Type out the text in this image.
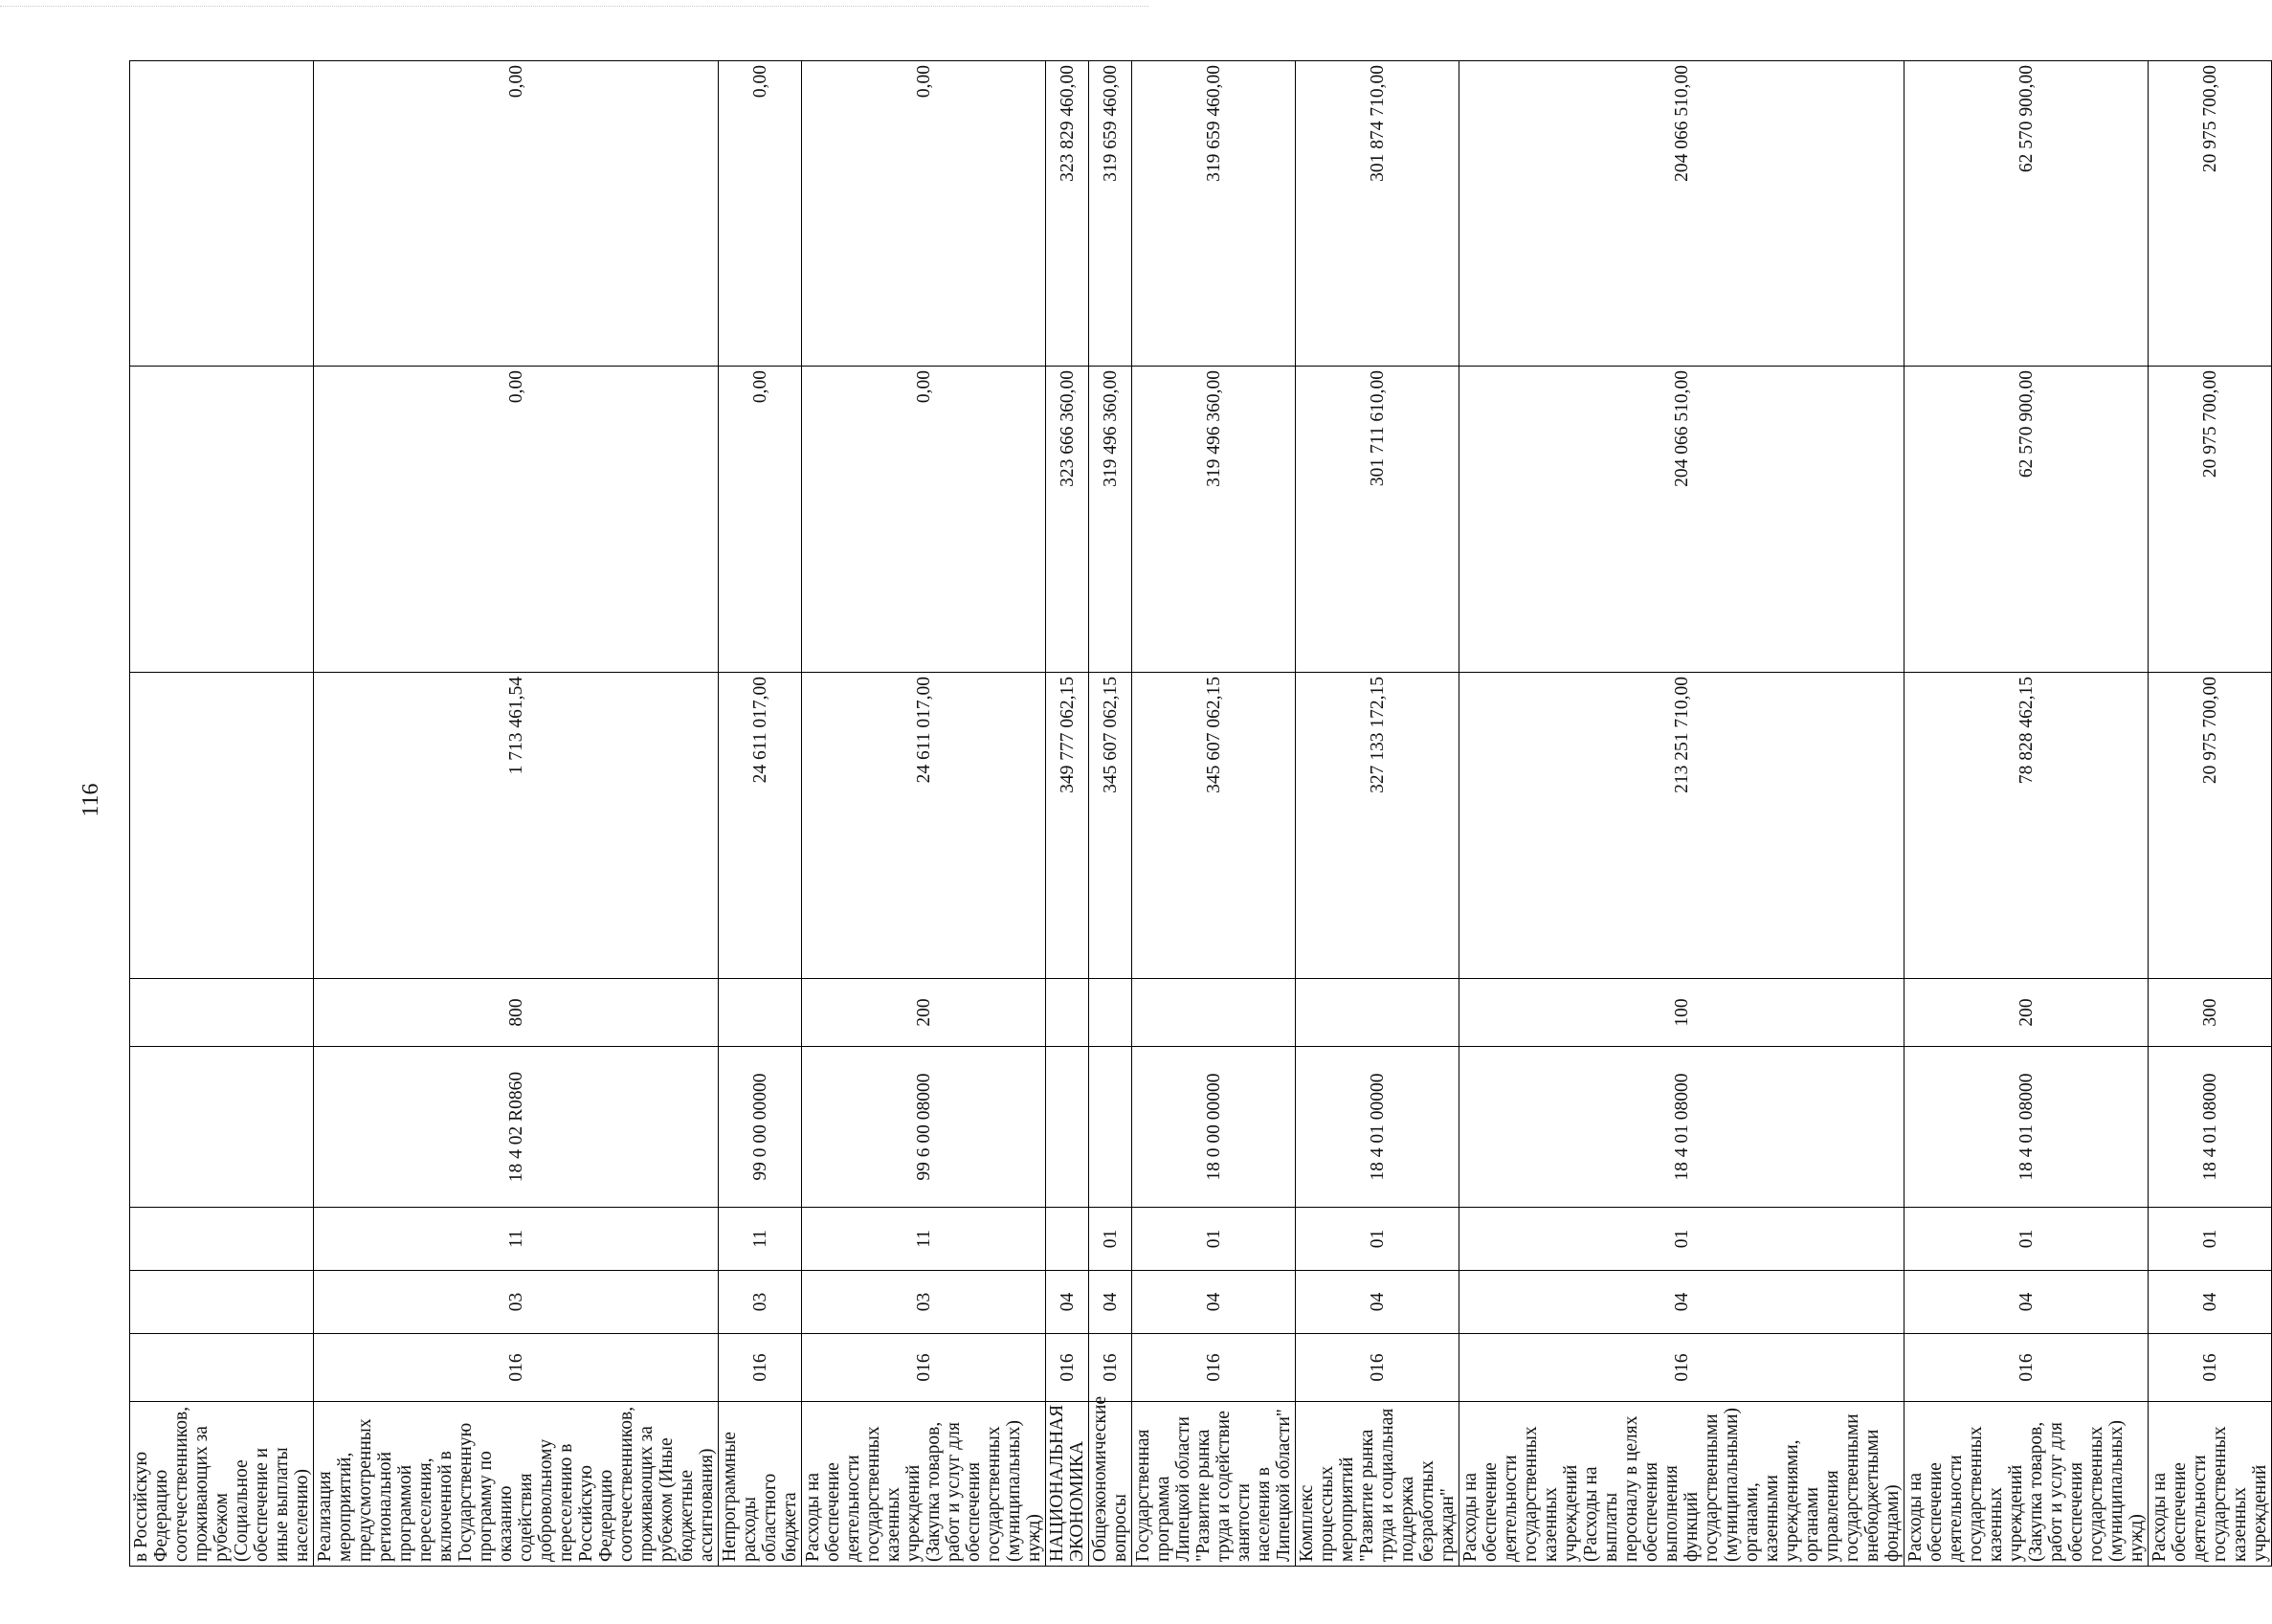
116
в Российскую Федерацию соотечественников, проживающих за рубежом (Социальное обеспечение и иные выплаты населению)								
Реализация мероприятий, предусмотренных региональной программой переселения, включенной в Государственную программу по оказанию содействия добровольному переселению в Российскую Федерацию соотечественников, проживающих за рубежом (Иные бюджетные ассигнования)	016	03	11	18 4 02 R0860	800	1 713 461,54	0,00	0,00
Непрограммные расходы областного бюджета	016	03	11	99 0 00 00000		24 611 017,00	0,00	0,00
Расходы на обеспечение деятельности государственных казенных учреждений (Закупка товаров, работ и услуг для обеспечения государственных (муниципальных) нужд)	016	03	11	99 6 00 08000	200	24 611 017,00	0,00	0,00
НАЦИОНАЛЬНАЯ ЭКОНОМИКА	016	04				349 777 062,15	323 666 360,00	323 829 460,00
Общеэкономические вопросы	016	04	01			345 607 062,15	319 496 360,00	319 659 460,00
Государственная программа Липецкой области "Развитие рынка труда и содействие занятости населения в Липецкой области"	016	04	01	18 0 00 00000		345 607 062,15	319 496 360,00	319 659 460,00
Комплекс процессных мероприятий "Развитие рынка труда и социальная поддержка безработных граждан"	016	04	01	18 4 01 00000		327 133 172,15	301 711 610,00	301 874 710,00
Расходы на обеспечение деятельности государственных казенных учреждений (Расходы на выплаты персоналу в целях обеспечения выполнения функций государственными (муниципальными) органами, казенными учреждениями, органами управления государственными внебюджетными фондами)	016	04	01	18 4 01 08000	100	213 251 710,00	204 066 510,00	204 066 510,00
Расходы на обеспечение деятельности государственных казенных учреждений (Закупка товаров, работ и услуг для обеспечения государственных (муниципальных) нужд)	016	04	01	18 4 01 08000	200	78 828 462,15	62 570 900,00	62 570 900,00
Расходы на обеспечение деятельности государственных казенных учреждений	016	04	01	18 4 01 08000	300	20 975 700,00	20 975 700,00	20 975 700,00
